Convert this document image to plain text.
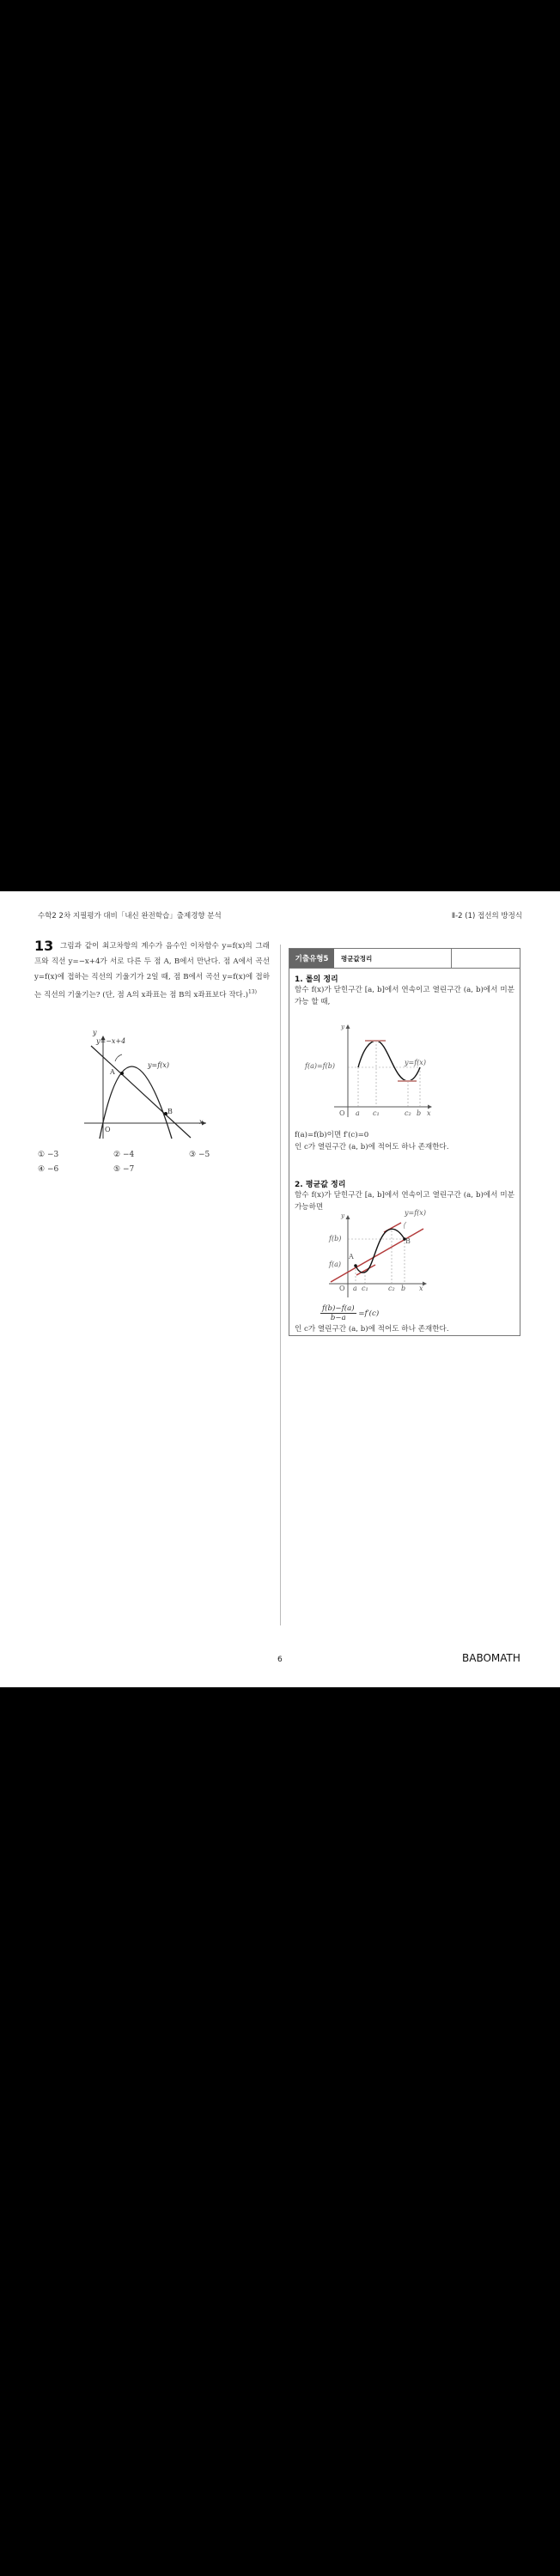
수학2 2차 지필평가 대비「내신 완전학습」출제경향 분석	Ⅱ-2 (1) 접선의 방정식
13 그림과 같이 최고차항의 계수가 음수인 이차함수 y=f(x)의 그래프와 직선 y=−x+4가 서로 다른 두 점 A, B에서 만난다. 점 A에서 곡선 y=f(x)에 접하는 직선의 기울기가 2일 때, 점 B에서 곡선 y=f(x)에 접하는 직선의 기울기는? (단, 점 A의 x좌표는 점 B의 x좌표보다 작다.)$^{13)}$
y=−x+4
y=f(x)
A
B
O
x
y
① −3	② −4	③ −5
④ −6	⑤ −7
기출유형5	평균값정리
1. 롤의 정리
함수 f(x)가 닫힌구간 [a, b]에서 연속이고 열린구간 (a, b)에서 미분가능 할 때,
y=f(x)
f(a)=f(b)
y
O a c₁	c₂ b x
f(a)=f(b)이면 f′(c)=0
인 c가 열린구간 (a, b)에 적어도 하나 존재한다.
2. 평균값 정리
함수 f(x)가 닫힌구간 [a, b]에서 연속이고 열린구간 (a, b)에서 미분가능하면
y=f(x)
f(b)
f(a)
A
B
y
O a c₁	c₂ b x
$\frac{f(b)-f(a)}{b-a} =f'(c)$
인 c가 열린구간 (a, b)에 적어도 하나 존재한다.
6	BABOMATH
